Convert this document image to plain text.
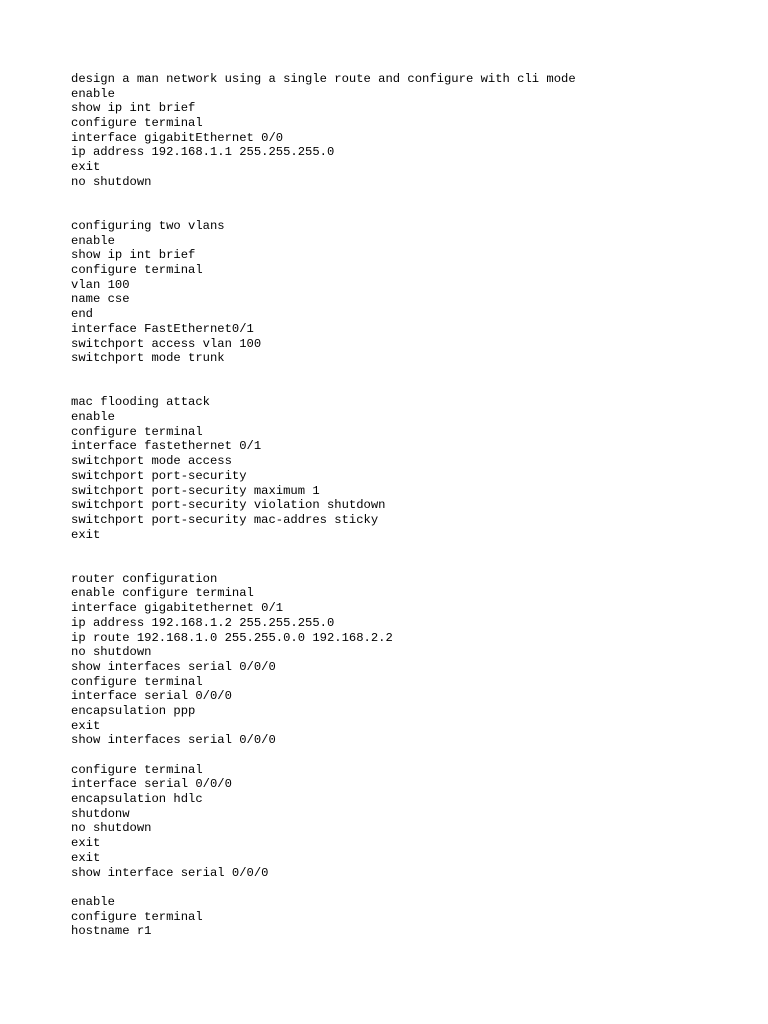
design a man network using a single route and configure with cli mode
enable
show ip int brief
configure terminal
interface gigabitEthernet 0/0
ip address 192.168.1.1 255.255.255.0
exit
no shutdown
configuring two vlans
enable
show ip int brief
configure terminal
vlan 100
name cse
end
interface FastEthernet0/1
switchport access vlan 100
switchport mode trunk
mac flooding attack
enable
configure terminal
interface fastethernet 0/1
switchport mode access
switchport port-security
switchport port-security maximum 1
switchport port-security violation shutdown
switchport port-security mac-addres sticky
exit
router configuration
enable configure terminal
interface gigabitethernet 0/1
ip address 192.168.1.2 255.255.255.0
ip route 192.168.1.0 255.255.0.0 192.168.2.2
no shutdown
show interfaces serial 0/0/0
configure terminal
interface serial 0/0/0
encapsulation ppp
exit
show interfaces serial 0/0/0
configure terminal
interface serial 0/0/0
encapsulation hdlc
shutdonw
no shutdown
exit
exit
show interface serial 0/0/0
enable
configure terminal
hostname r1
